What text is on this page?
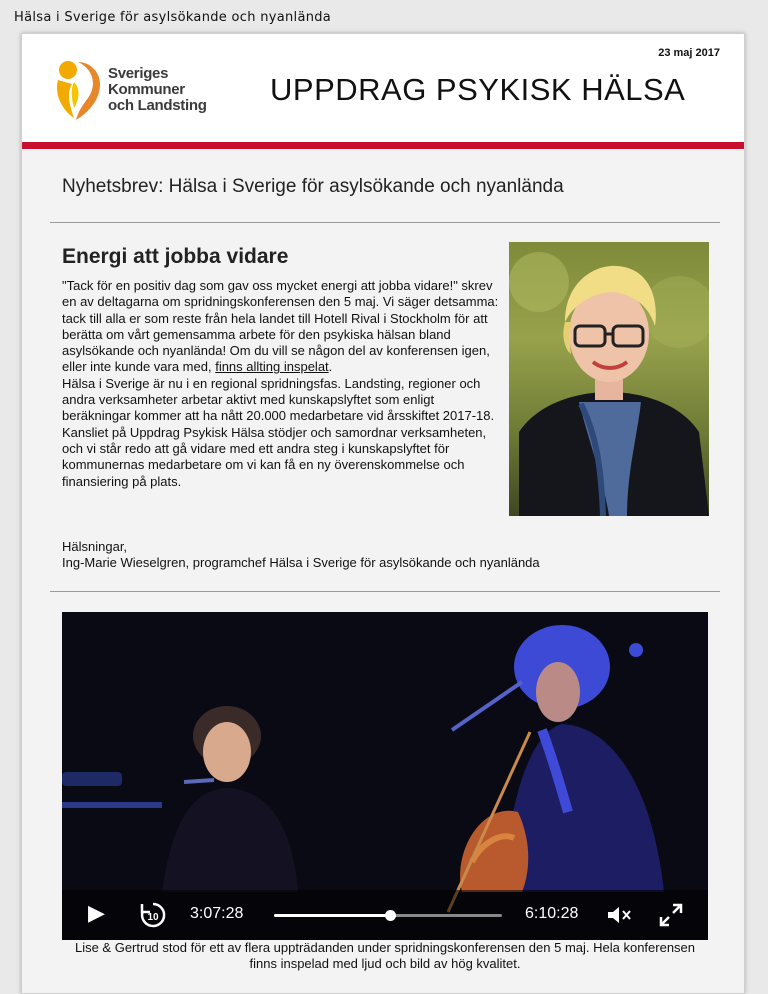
Hälsa i Sverige för asylsökande och nyanlända
23 maj 2017
Sveriges
Kommuner
och Landsting UPPDRAG PSYKISK HÄLSA
Nyhetsbrev: Hälsa i Sverige för asylsökande och nyanlända
Energi att jobba vidare

"Tack för en positiv dag som gav oss mycket energi att jobba vidare!" skrev en av deltagarna om spridningskonferensen den 5 maj. Vi säger detsamma: tack till alla er som reste från hela landet till Hotell Rival i Stockholm för att berätta om vårt gemensamma arbete för den psykiska hälsan bland asylsökande och nyanlända! Om du vill se någon del av konferensen igen, eller inte kunde vara med, finns allting inspelat.

Hälsa i Sverige är nu i en regional spridningsfas. Landsting, regioner och andra verksamheter arbetar aktivt med kunskapslyftet som enligt beräkningar kommer att ha nått 20.000 medarbetare vid årsskiftet 2017-18.

Kansliet på Uppdrag Psykisk Hälsa stödjer och samordnar verksamheten, och vi står redo att gå vidare med ett andra steg i kunskapslyftet för kommunernas medarbetare om vi kan få en ny överenskommelse och finansiering på plats.

Hälsningar,
Ing-Marie Wieselgren, programchef Hälsa i Sverige för asylsökande och nyanlända
▶	10 3:07:28	6:10:28
Lise & Gertrud stod för ett av flera uppträdanden under spridningskonferensen den 5 maj. Hela konferensen finns inspelad med ljud och bild av hög kvalitet.
